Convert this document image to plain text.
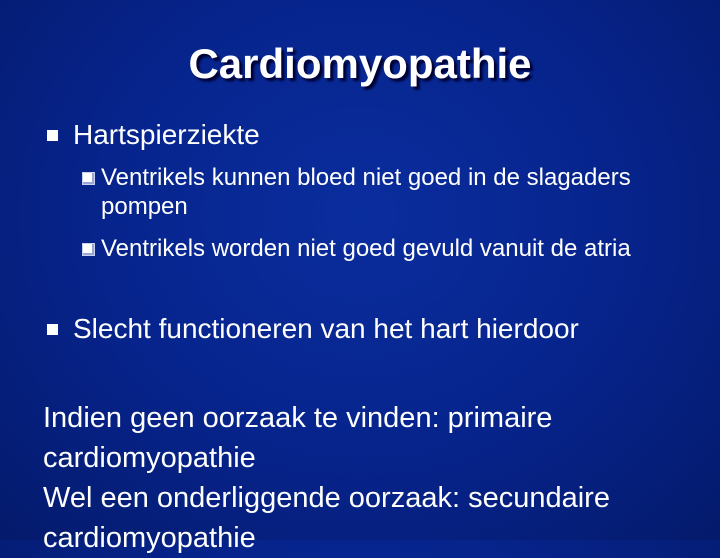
Cardiomyopathie
Hartspierziekte
Ventrikels kunnen bloed niet goed in de slagaders pompen
Ventrikels worden niet goed gevuld vanuit de atria
Slecht functioneren van het hart hierdoor
Indien geen oorzaak te vinden: primaire
cardiomyopathie
Wel een onderliggende oorzaak: secundaire
cardiomyopathie
